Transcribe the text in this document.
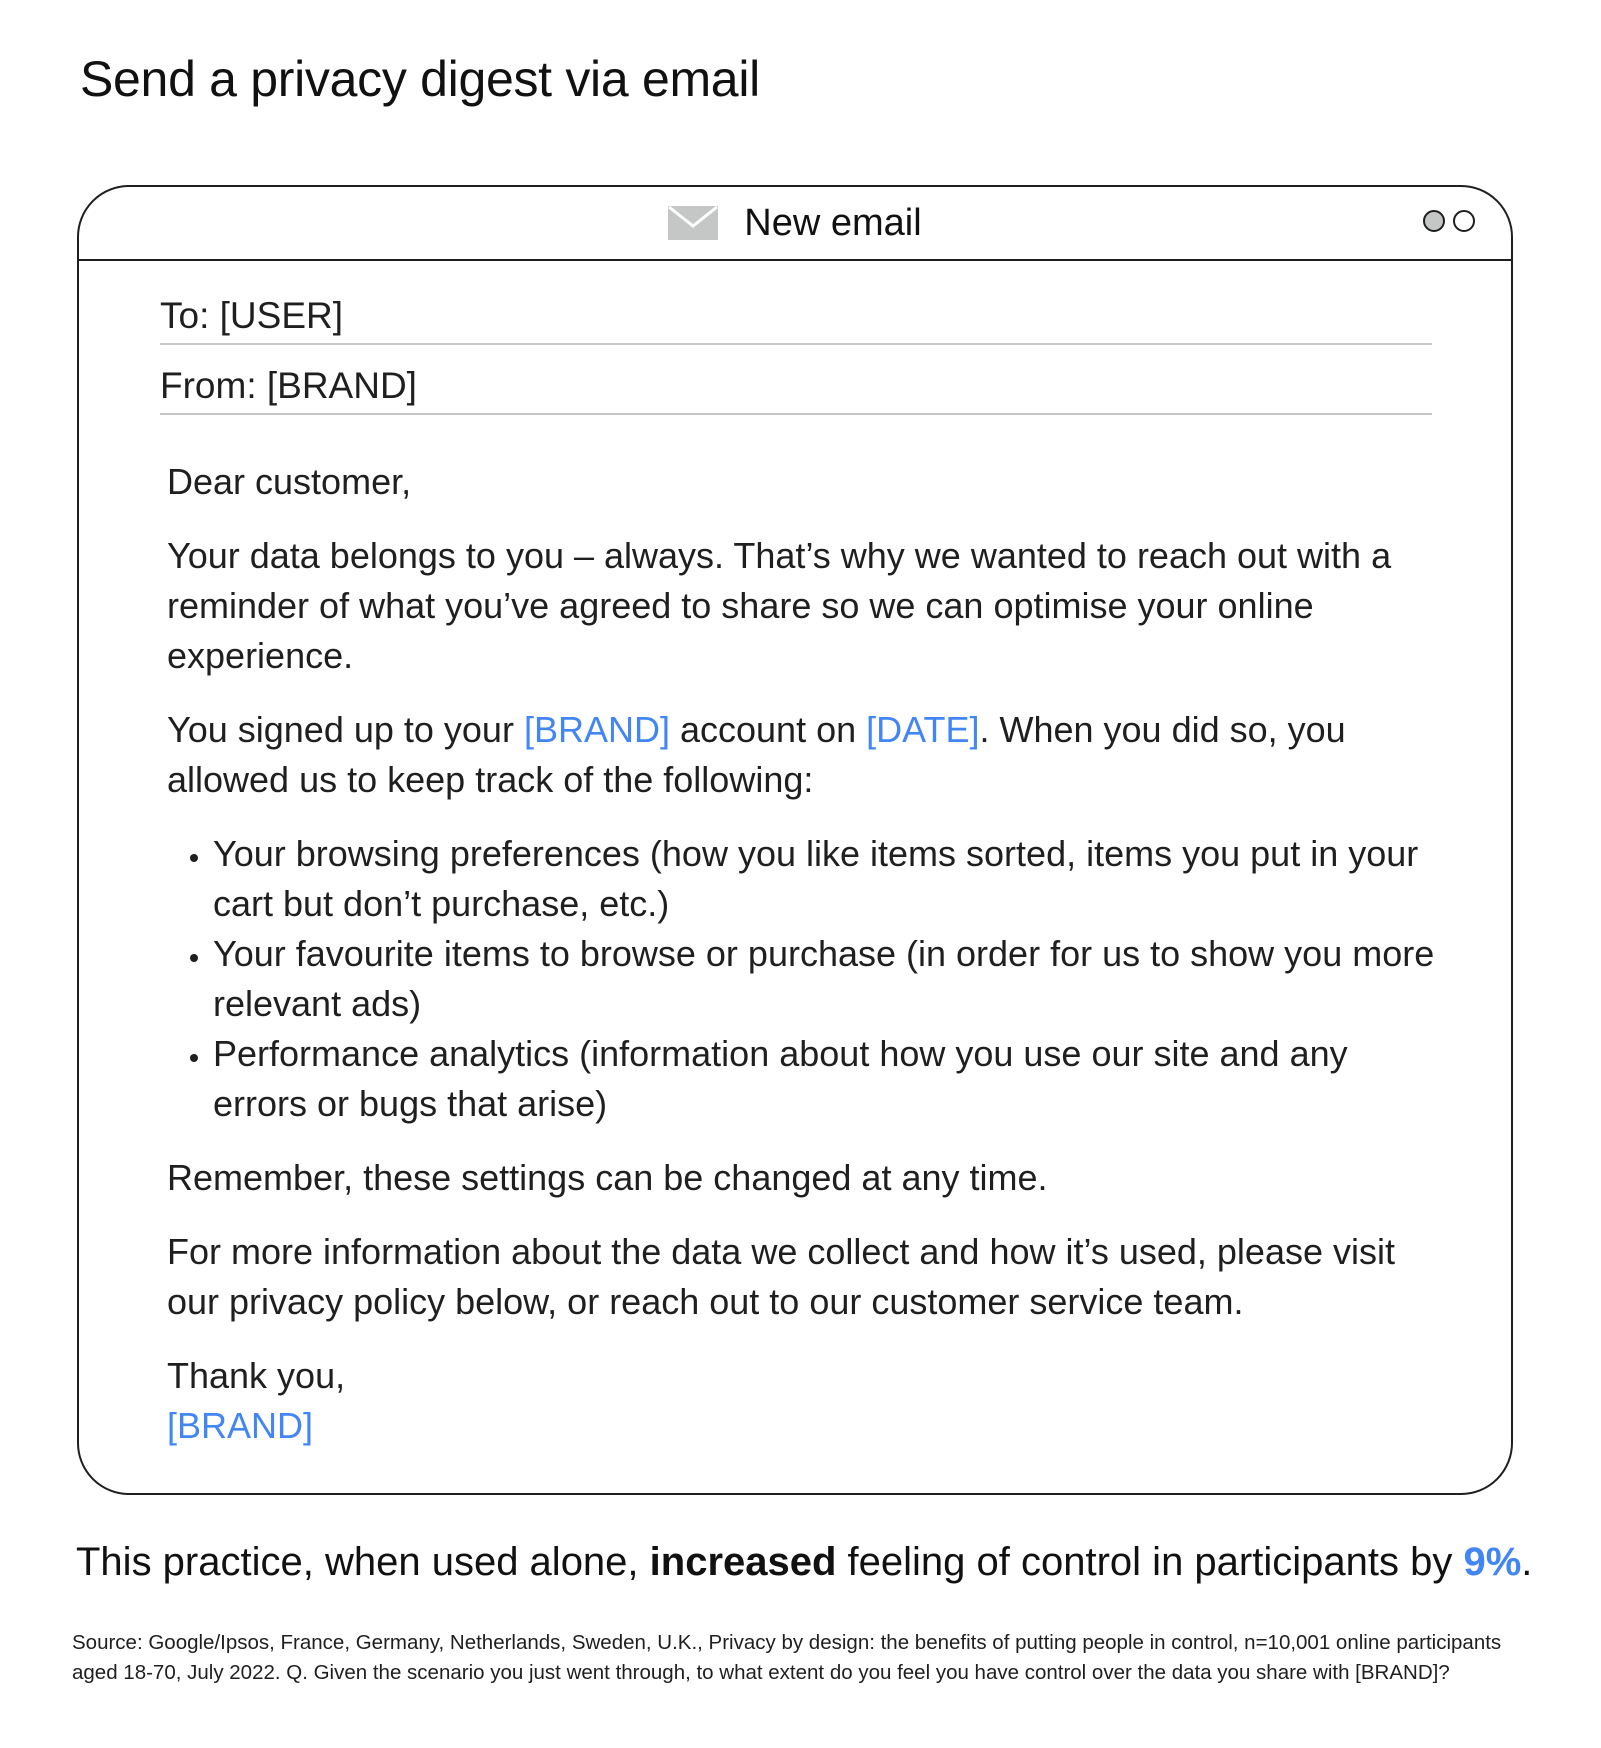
Send a privacy digest via email
New email
To: [USER]
From: [BRAND]

Dear customer,

Your data belongs to you – always. That’s why we wanted to reach out with a reminder of what you’ve agreed to share so we can optimise your online experience.

You signed up to your [BRAND] account on [DATE]. When you did so, you allowed us to keep track of the following:

• Your browsing preferences (how you like items sorted, items you put in your cart but don’t purchase, etc.)
• Your favourite items to browse or purchase (in order for us to show you more relevant ads)
• Performance analytics (information about how you use our site and any errors or bugs that arise)

Remember, these settings can be changed at any time.

For more information about the data we collect and how it’s used, please visit our privacy policy below, or reach out to our customer service team.

Thank you,
[BRAND]

This practice, when used alone, increased feeling of control in participants by 9%.

Source: Google/Ipsos, France, Germany, Netherlands, Sweden, U.K., Privacy by design: the benefits of putting people in control, n=10,001 online participants aged 18-70, July 2022. Q. Given the scenario you just went through, to what extent do you feel you have control over the data you share with [BRAND]?
